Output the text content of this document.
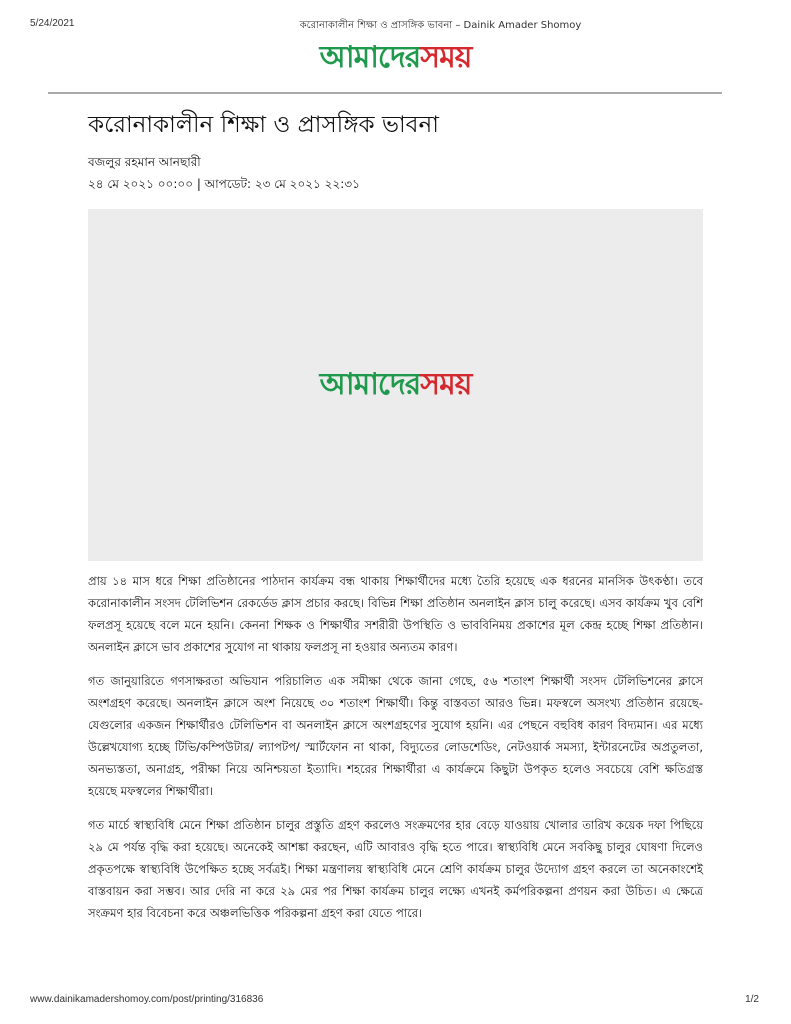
5/24/2021	করোনাকালীন শিক্ষা ও প্রাসঙ্গিক ভাবনা – Dainik Amader Shomoy
আমাদেরসময়
করোনাকালীন শিক্ষা ও প্রাসঙ্গিক ভাবনা
বজলুর রহমান আনছারী
২৪ মে ২০২১ ০০:০০ | আপডেট: ২৩ মে ২০২১ ২২:৩১
আমাদেরসময়

প্রায় ১৪ মাস ধরে শিক্ষা প্রতিষ্ঠানের পাঠদান কার্যক্রম বন্ধ থাকায় শিক্ষার্থীদের মধ্যে তৈরি হয়েছে এক ধরনের মানসিক উৎকণ্ঠা। তবে করোনাকালীন সংসদ টেলিভিশন রেকর্ডেড ক্লাস প্রচার করছে। বিভিন্ন শিক্ষা প্রতিষ্ঠান অনলাইন ক্লাস চালু করেছে। এসব কার্যক্রম খুব বেশি ফলপ্রসূ হয়েছে বলে মনে হয়নি। কেননা শিক্ষক ও শিক্ষার্থীর সশরীরী উপস্থিতি ও ভাববিনিময় প্রকাশের মূল কেন্দ্র হচ্ছে শিক্ষা প্রতিষ্ঠান। অনলাইন ক্লাসে ভাব প্রকাশের সুযোগ না থাকায় ফলপ্রসূ না হওয়ার অন্যতম কারণ।

গত জানুয়ারিতে গণসাক্ষরতা অভিযান পরিচালিত এক সমীক্ষা থেকে জানা গেছে, ৫৬ শতাংশ শিক্ষার্থী সংসদ টেলিভিশনের ক্লাসে অংশগ্রহণ করেছে। অনলাইন ক্লাসে অংশ নিয়েছে ৩০ শতাংশ শিক্ষার্থী। কিন্তু বাস্তবতা আরও ভিন্ন। মফস্বলে অসংখ্য প্রতিষ্ঠান রয়েছে- যেগুলোর একজন শিক্ষার্থীরও টেলিভিশন বা অনলাইন ক্লাসে অংশগ্রহণের সুযোগ হয়নি। এর পেছনে বহুবিধ কারণ বিদ্যমান। এর মধ্যে উল্লেখযোগ্য হচ্ছে টিভি/কম্পিউটার/ ল্যাপটপ/ স্মার্টফোন না থাকা, বিদ্যুতের লোডশেডিং, নেটওয়ার্ক সমস্যা, ইন্টারনেটের অপ্রতুলতা, অনভ্যস্ততা, অনাগ্রহ, পরীক্ষা নিয়ে অনিশ্চয়তা ইত্যাদি। শহরের শিক্ষার্থীরা এ কার্যক্রমে কিছুটা উপকৃত হলেও সবচেয়ে বেশি ক্ষতিগ্রস্ত হয়েছে মফস্বলের শিক্ষার্থীরা।

গত মার্চে স্বাস্থ্যবিধি মেনে শিক্ষা প্রতিষ্ঠান চালুর প্রস্তুতি গ্রহণ করলেও সংক্রমণের হার বেড়ে যাওয়ায় খোলার তারিখ কয়েক দফা পিছিয়ে ২৯ মে পর্যন্ত বৃদ্ধি করা হয়েছে। অনেকেই আশঙ্কা করছেন, এটি আবারও বৃদ্ধি হতে পারে। স্বাস্থ্যবিধি মেনে সবকিছু চালুর ঘোষণা দিলেও প্রকৃতপক্ষে স্বাস্থ্যবিধি উপেক্ষিত হচ্ছে সর্বত্রই। শিক্ষা মন্ত্রণালয় স্বাস্থ্যবিধি মেনে শ্রেণি কার্যক্রম চালুর উদ্যোগ গ্রহণ করলে তা অনেকাংশেই বাস্তবায়ন করা সম্ভব। আর দেরি না করে ২৯ মের পর শিক্ষা কার্যক্রম চালুর লক্ষ্যে এখনই কর্মপরিকল্পনা প্রণয়ন করা উচিত। এ ক্ষেত্রে সংক্রমণ হার বিবেচনা করে অঞ্চলভিত্তিক পরিকল্পনা গ্রহণ করা যেতে পারে।

www.dainikamadershomoy.com/post/printing/316836	1/2
